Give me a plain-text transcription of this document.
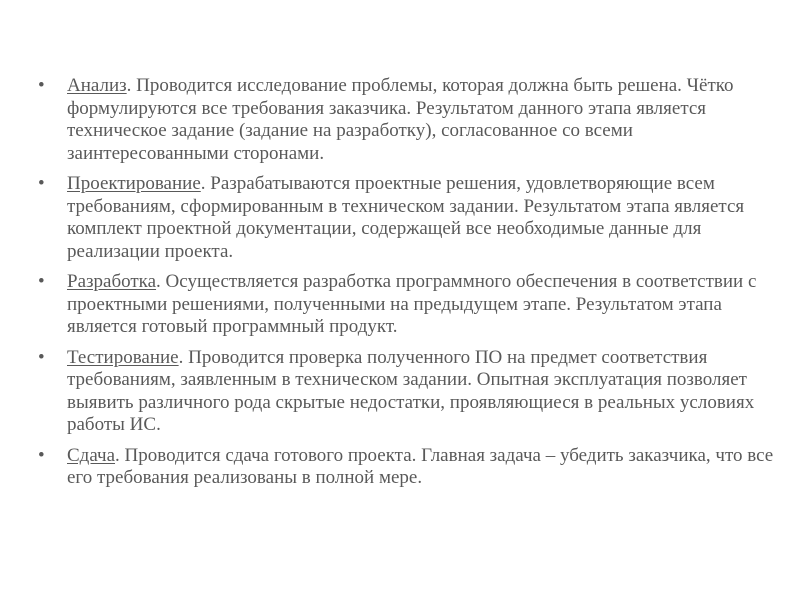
•	Анализ. Проводится исследование проблемы, которая должна быть решена. Чётко формулируются все требования заказчика. Результатом данного этапа является техническое задание (задание на разработку), согласованное со всеми заинтересованными сторонами.
•	Проектирование. Разрабатываются проектные решения, удовлетворяющие всем требованиям, сформированным в техническом задании. Результатом этапа является комплект проектной документации, содержащей все необходимые данные для реализации проекта.
•	Разработка. Осуществляется разработка программного обеспечения в соответствии с проектными решениями, полученными на предыдущем этапе. Результатом этапа является готовый программный продукт.
•	Тестирование. Проводится проверка полученного ПО на предмет соответствия требованиям, заявленным в техническом задании. Опытная эксплуатация позволяет выявить различного рода скрытые недостатки, проявляющиеся в реальных условиях работы ИС.
•	Сдача. Проводится сдача готового проекта. Главная задача – убедить заказчика, что все его требования реализованы в полной мере.
